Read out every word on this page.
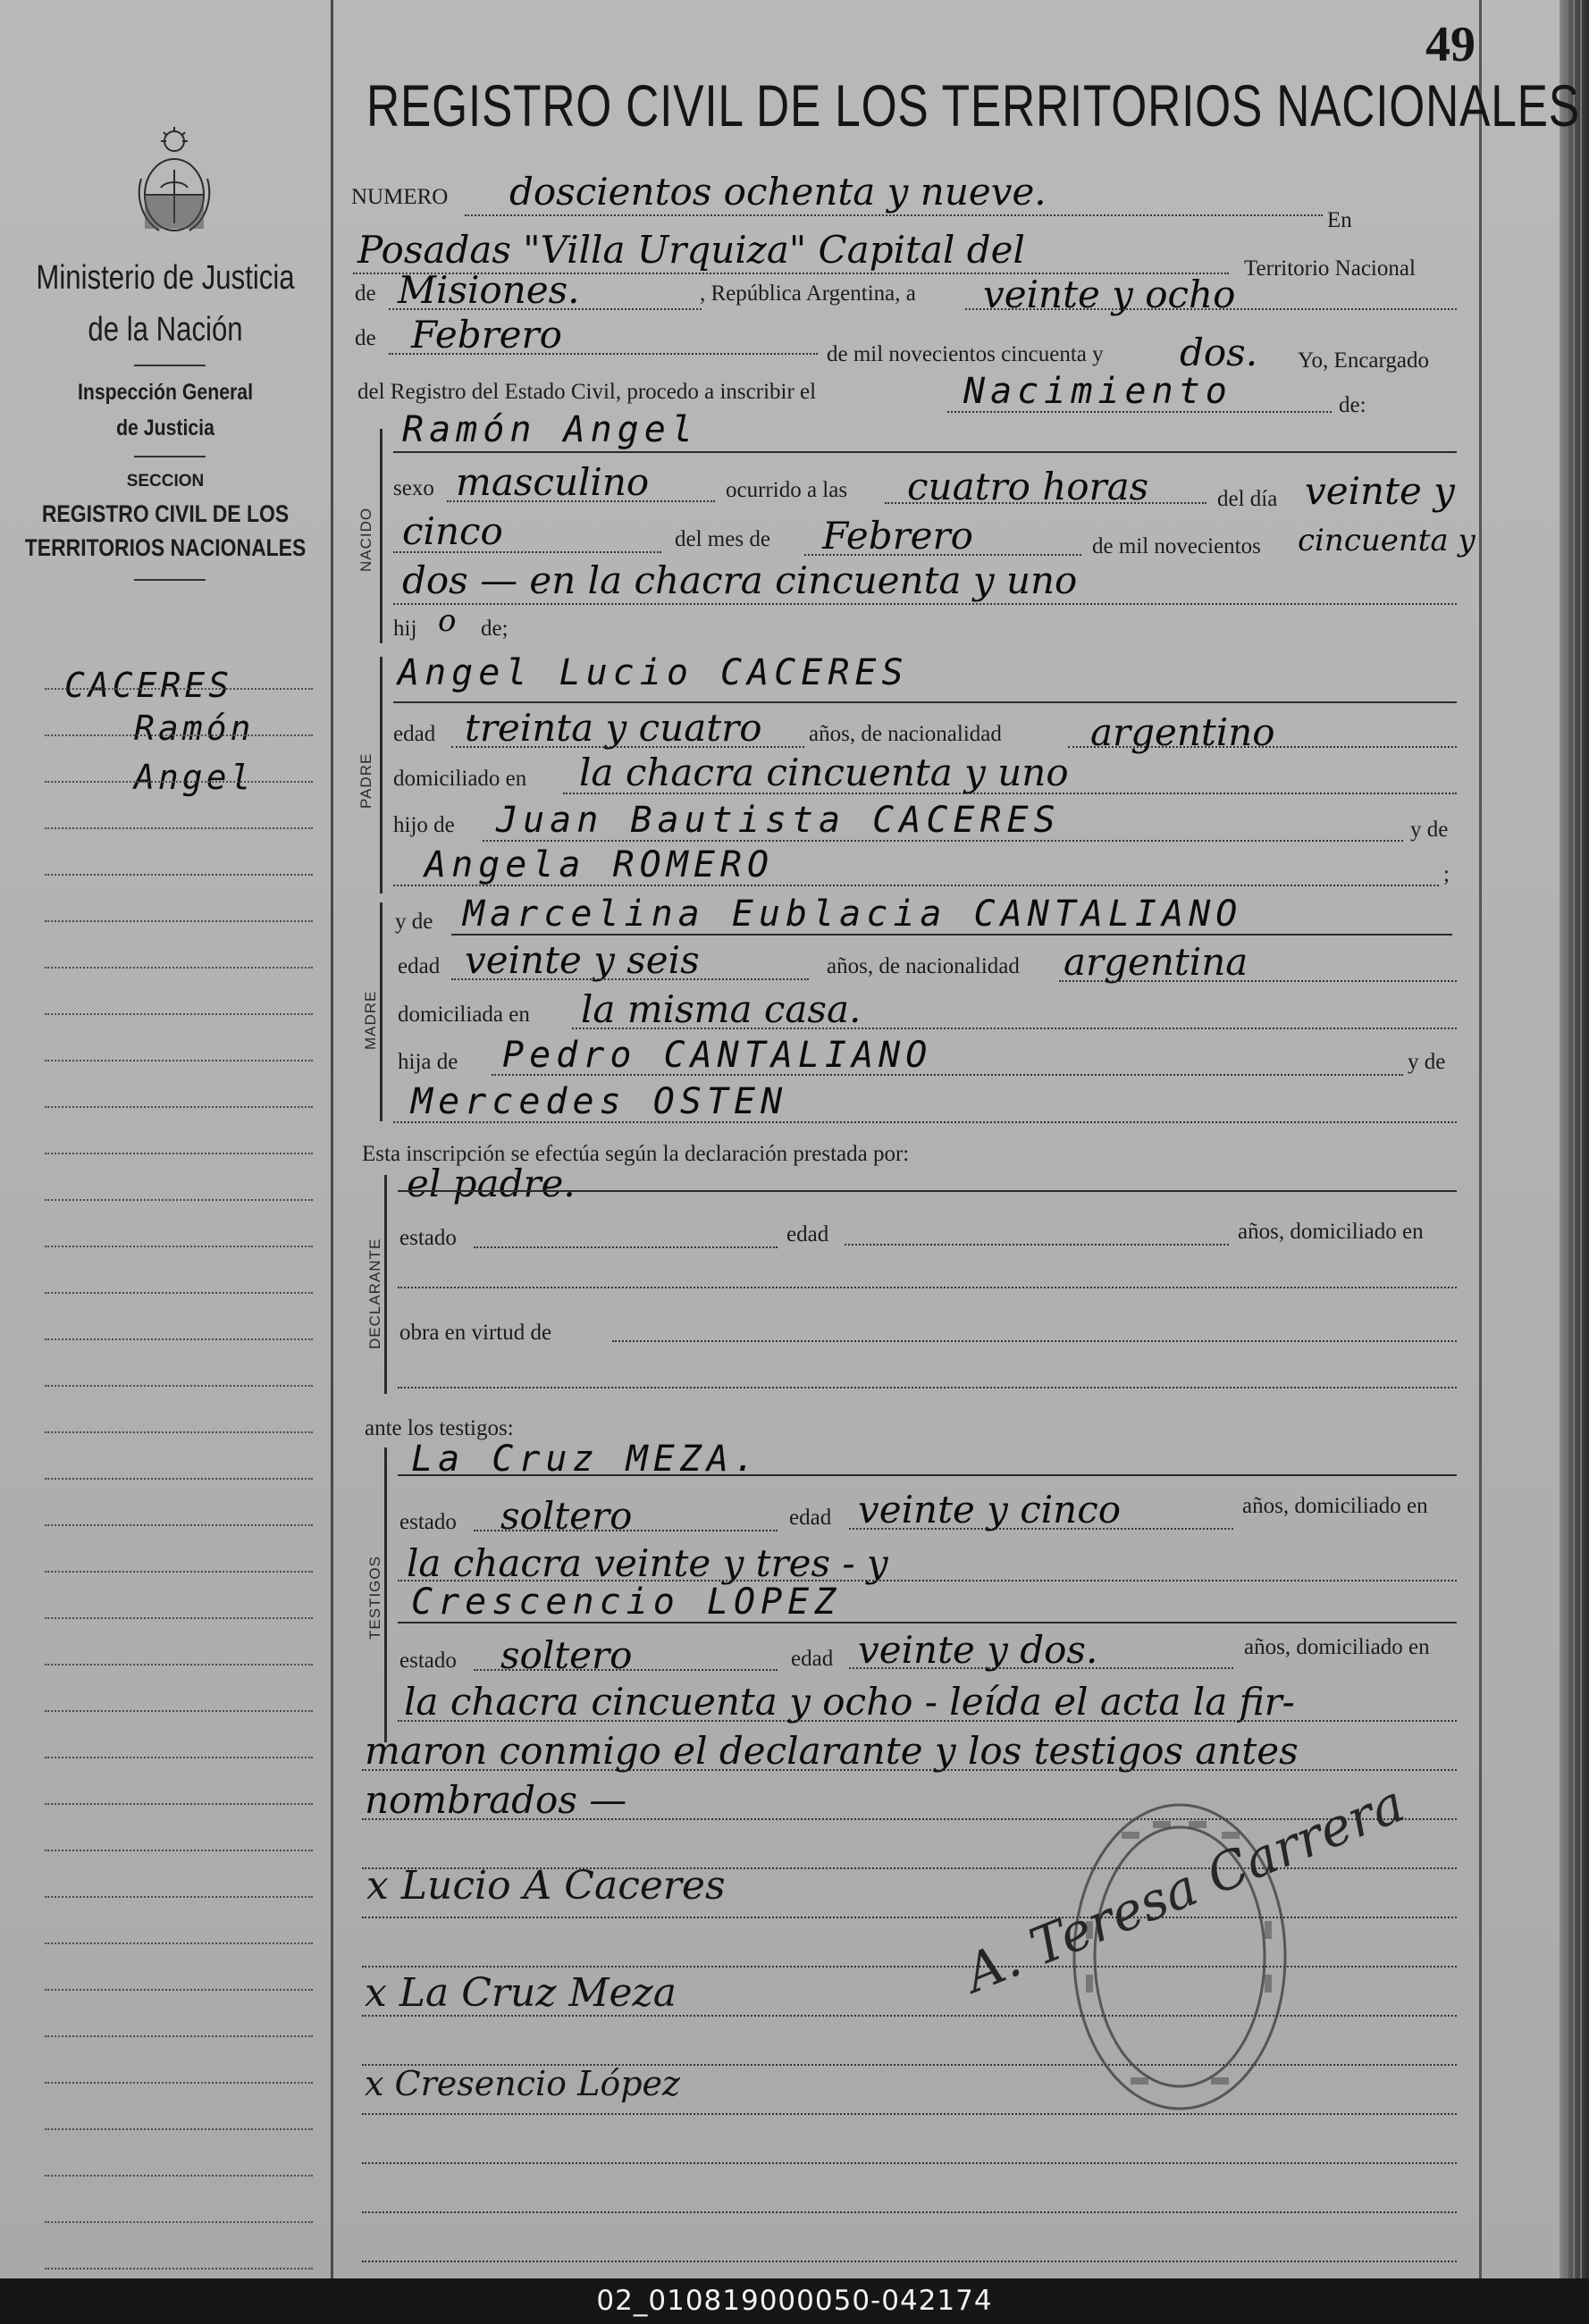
49
REGISTRO CIVIL DE LOS TERRITORIOS NACIONALES
Ministerio de Justicia
de la Nación
Inspección General
de Justicia
SECCION
REGISTRO CIVIL DE LOS
TERRITORIOS NACIONALES
CACERES
Ramón
Angel
NUMERO doscientos ochenta y nueve.
En
Posadas "Villa Urquiza" Capital del	Territorio Nacional
de Misiones.	, República Argentina, a veinte y ocho
de Febrero	de mil novecientos cincuenta y dos. Yo, Encargado
del Registro del Estado Civil, procedo a inscribir el	Nacimiento	de:
NACIDO
Ramón Angel
sexo masculino	ocurrido a las cuatro horas	del día veinte y
cinco	del mes de Febrero	de mil novecientos cincuenta y
dos — en la chacra cincuenta y uno
hij o de;
PADRE
Angel Lucio CACERES
edad treinta y cuatro años, de nacionalidad argentino
domiciliado en la chacra cincuenta y uno
hijo de Juan Bautista CACERES	y de
Angela ROMERO	;
MADRE
y de Marcelina Eublacia CANTALIANO
edad veinte y seis	años, de nacionalidad argentina
domiciliada en la misma casa.
hija de Pedro CANTALIANO	y de
Mercedes OSTEN
Esta inscripción se efectúa según la declaración prestada por:
DECLARANTE
el padre.
estado	edad	años, domiciliado en
obra en virtud de
ante los testigos:
TESTIGOS
La Cruz MEZA.
estado soltero	edad veinte y cinco	años, domiciliado en
la chacra veinte y tres - y
Crescencio LOPEZ
estado soltero	edad veinte y dos.	años, domiciliado en
la chacra cincuenta y ocho - leída el acta la fir-
maron conmigo el declarante y los testigos antes
nombrados —
x Lucio A Caceres
x La Cruz Meza
x Cresencio López
A. Teresa Carrera
02_010819000050-042174
